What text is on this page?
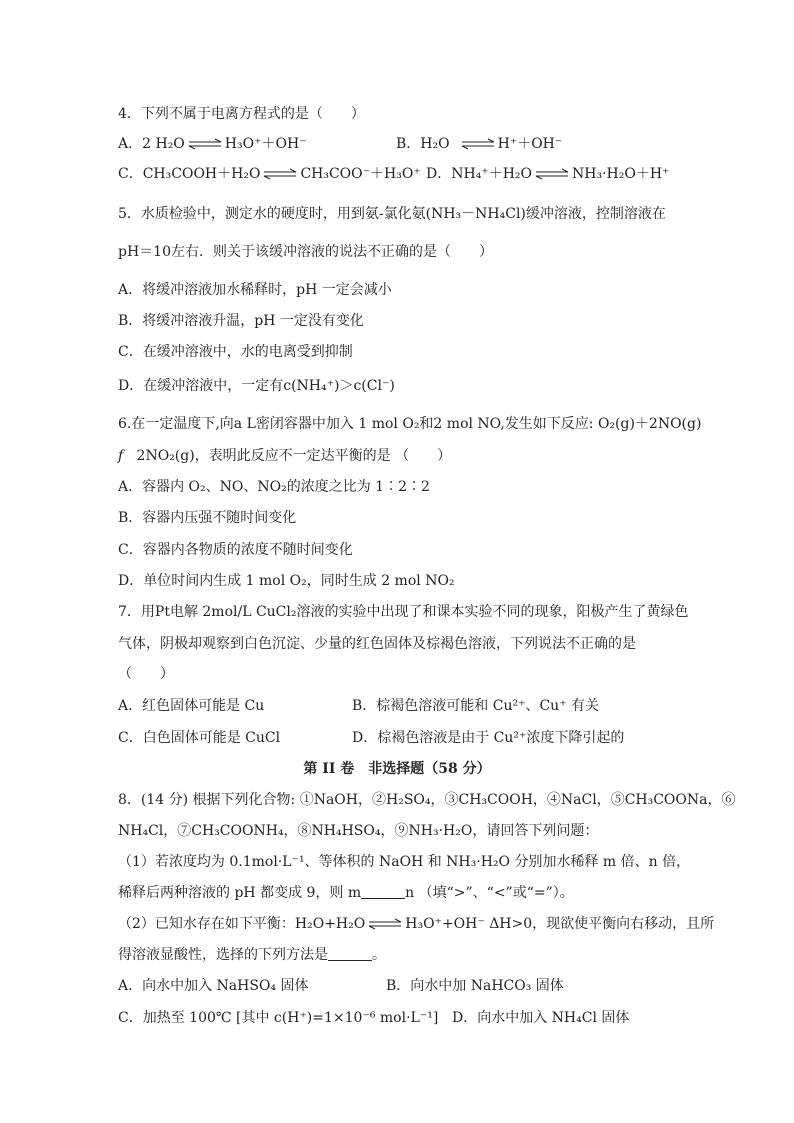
4．下列不属于电离方程式的是（　　）
A．2 H₂O ⇌ H₃O⁺＋OH⁻	B．H₂O ⇌ H⁺＋OH⁻
C．CH₃COOH＋H₂O ⇌ CH₃COO⁻＋H₃O⁺ D．NH₄⁺＋H₂O ⇌ NH₃·H₂O＋H⁺
5．水质检验中，测定水的硬度时，用到氨-氯化氨(NH₃－NH₄Cl)缓冲溶液，控制溶液在
pH＝10左右．则关于该缓冲溶液的说法不正确的是（　　）
A．将缓冲溶液加水稀释时，pH 一定会减小
B．将缓冲溶液升温，pH 一定没有变化
C．在缓冲溶液中，水的电离受到抑制
D．在缓冲溶液中，一定有c(NH₄⁺)＞c(Cl⁻)
6.在一定温度下,向a L密闭容器中加入 1 mol O₂和2 mol NO,发生如下反应: O₂(g)＋2NO(g)
f 2NO₂(g)，表明此反应不一定达平衡的是 （　　）
A．容器内 O₂、NO、NO₂的浓度之比为 1∶2∶2
B．容器内压强不随时间变化
C．容器内各物质的浓度不随时间变化
D．单位时间内生成 1 mol O₂，同时生成 2 mol NO₂
7．用Pt电解 2mol/L CuCl₂溶液的实验中出现了和课本实验不同的现象，阳极产生了黄绿色
气体，阴极却观察到白色沉淀、少量的红色固体及棕褐色溶液，下列说法不正确的是
（　　）
A．红色固体可能是 Cu	B．棕褐色溶液可能和 Cu²⁺、Cu⁺ 有关
C．白色固体可能是 CuCl	D．棕褐色溶液是由于 Cu²⁺浓度下降引起的
第 II 卷　非选择题（58 分）
8．(14 分) 根据下列化合物: ①NaOH，②H₂SO₄，③CH₃COOH，④NaCl，⑤CH₃COONa，⑥
NH₄Cl，⑦CH₃COONH₄，⑧NH₄HSO₄，⑨NH₃·H₂O，请回答下列问题：
（1）若浓度均为 0.1mol·L⁻¹、等体积的 NaOH 和 NH₃·H₂O 分别加水稀释 m 倍、n 倍，
稀释后两种溶液的 pH 都变成 9，则 m	n （填“>”、“<”或“=”）。
（2）已知水存在如下平衡：H₂O+H₂O ⇌ H₃O⁺+OH⁻ ΔH>0，现欲使平衡向右移动，且所
得溶液显酸性，选择的下列方法是	。
A．向水中加入 NaHSO₄ 固体	B．向水中加 NaHCO₃ 固体
C．加热至 100℃ [其中 c(H⁺)=1×10⁻⁶ mol·L⁻¹] D．向水中加入 NH₄Cl 固体
